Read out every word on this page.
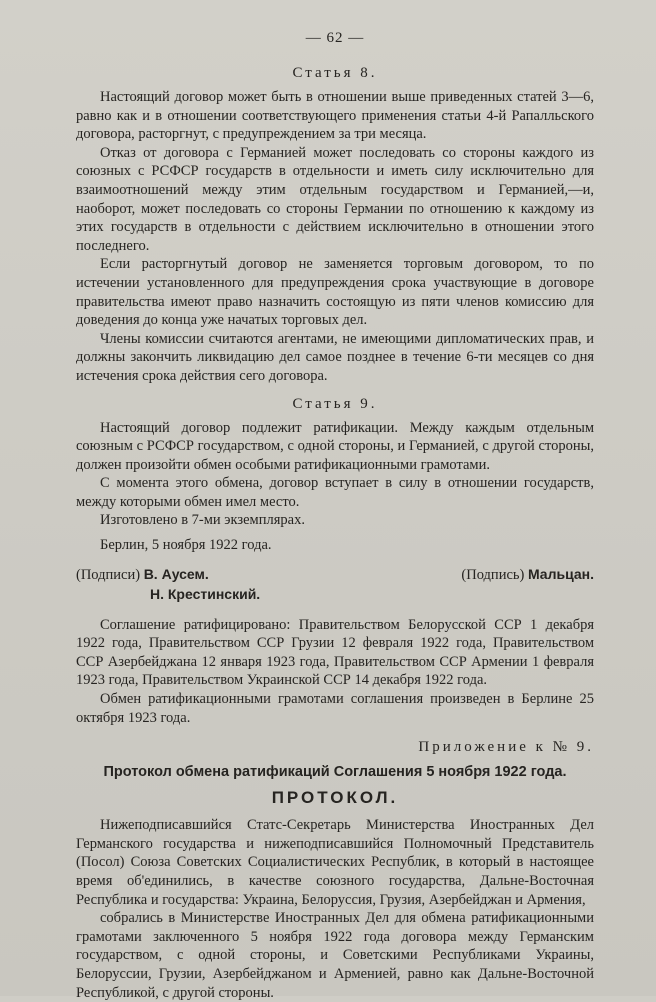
— 62 —
Статья 8.

Настоящий договор может быть в отношении выше приведенных статей 3—6, равно как и в отношении соответствующего применения статьи 4-й Рапалльского договора, расторгнут, с предупреждением за три месяца.

Отказ от договора с Германией может последовать со стороны каждого из союзных с РСФСР государств в отдельности и иметь силу исключительно для взаимоотношений между этим отдельным государством и Германией,—и, наоборот, может последовать со стороны Германии по отношению к каждому из этих государств в отдельности с действием исключительно в отношении этого последнего.

Если расторгнутый договор не заменяется торговым договором, то по истечении установленного для предупреждения срока участвующие в договоре правительства имеют право назначить состоящую из пяти членов комиссию для доведения до конца уже начатых торговых дел.

Члены комиссии считаются агентами, не имеющими дипломатических прав, и должны закончить ликвидацию дел самое позднее в течение 6-ти месяцев со дня истечения срока действия сего договора.

Статья 9.

Настоящий договор подлежит ратификации. Между каждым отдельным союзным с РСФСР государством, с одной стороны, и Германией, с другой стороны, должен произойти обмен особыми ратификационными грамотами.

С момента этого обмена, договор вступает в силу в отношении государств, между которыми обмен имел место.

Изготовлено в 7-ми экземплярах.

Берлин, 5 ноября 1922 года.

(Подписи) В. Аусем.	(Подпись) Мальцан.
Н. Крестинский.

Соглашение ратифицировано: Правительством Белорусской ССР 1 декабря 1922 года, Правительством ССР Грузии 12 февраля 1922 года, Правительством ССР Азербейджана 12 января 1923 года, Правительством ССР Армении 1 февраля 1923 года, Правительством Украинской ССР 14 декабря 1922 года.

Обмен ратификационными грамотами соглашения произведен в Берлине 25 октября 1923 года.

Приложение к № 9.
Протокол обмена ратификаций Соглашения 5 ноября 1922 года.
ПРОТОКОЛ.

Нижеподписавшийся Статс-Секретарь Министерства Иностранных Дел Германского государства и нижеподписавшийся Полномочный Представитель (Посол) Союза Советских Социалистических Республик, в который в настоящее время об'единились, в качестве союзного государства, Дальне-Восточная Республика и государства: Украина, Белоруссия, Грузия, Азербейджан и Армения,

собрались в Министерстве Иностранных Дел для обмена ратификационными грамотами заключенного 5 ноября 1922 года договора между Германским государством, с одной стороны, и Советскими Республиками Украины, Белоруссии, Грузии, Азербейджаном и Арменией, равно как Дальне-Восточной Республикой, с другой стороны.
